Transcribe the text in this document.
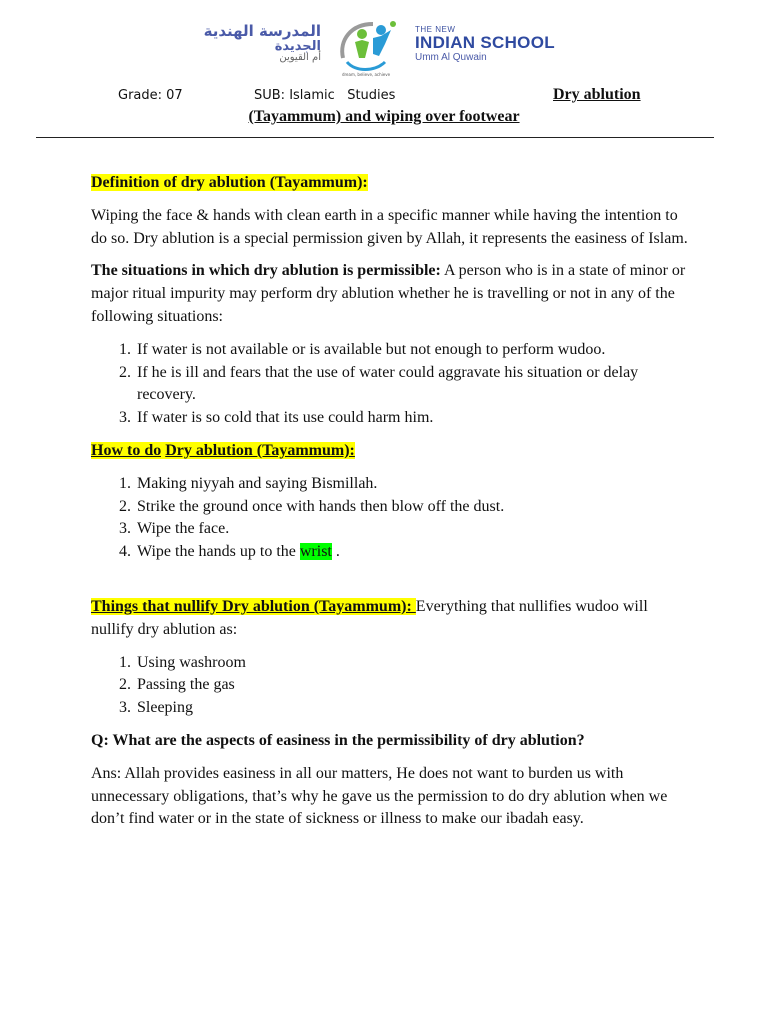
المدرسة الهندية
الجديدة
أم القيوين
dream, believe, achieve
THE NEW
INDIAN SCHOOL
Umm Al Quwain
Grade: 07	SUB: Islamic   Studies	Dry ablution
(Tayammum) and wiping over footwear

Definition of dry ablution (Tayammum):

Wiping the face & hands with clean earth in a specific manner while having the intention to do so. Dry ablution is a special permission given by Allah, it represents the easiness of Islam.

The situations in which dry ablution is permissible: A person who is in a state of minor or major ritual impurity may perform dry ablution whether he is travelling or not in any of the following situations:

1. If water is not available or is available but not enough to perform wudoo.
2. If he is ill and fears that the use of water could aggravate his situation or delay recovery.
3. If water is so cold that its use could harm him.

How to do Dry ablution (Tayammum):

1. Making niyyah and saying Bismillah.
2. Strike the ground once with hands then blow off the dust.
3. Wipe the face.
4. Wipe the hands up to the wrist .

Things that nullify Dry ablution (Tayammum): Everything that nullifies wudoo will nullify dry ablution as:

1. Using washroom
2. Passing the gas
3. Sleeping

Q: What are the aspects of easiness in the permissibility of dry ablution?

Ans: Allah provides easiness in all our matters, He does not want to burden us with unnecessary obligations, that’s why he gave us the permission to do dry ablution when we don’t find water or in the state of sickness or illness to make our ibadah easy.
